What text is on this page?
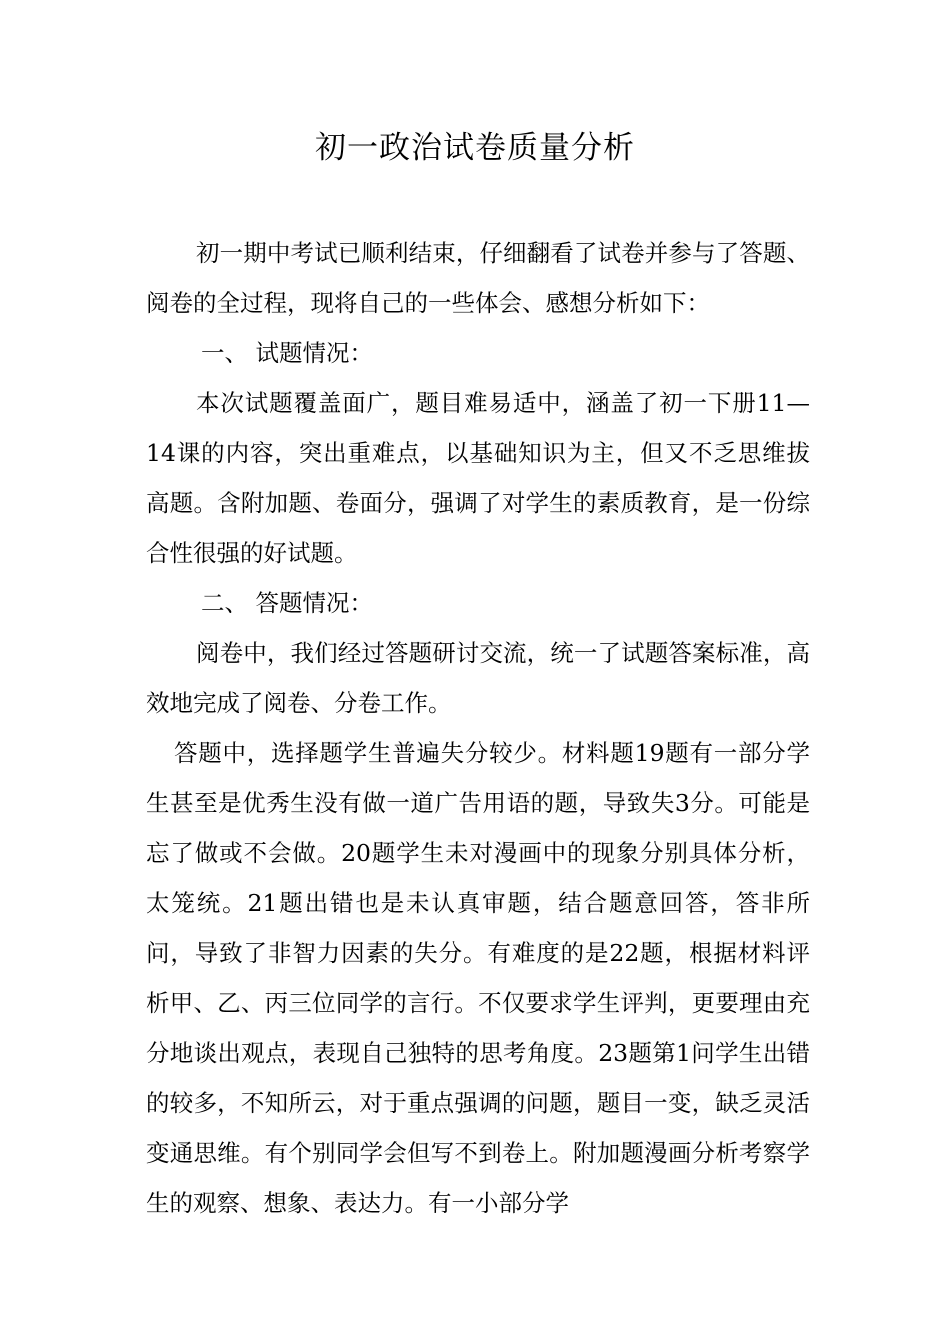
初一政治试卷质量分析

初一期中考试已顺利结束，仔细翻看了试卷并参与了答题、阅卷的全过程，现将自己的一些体会、感想分析如下：

一、 试题情况：

本次试题覆盖面广，题目难易适中，涵盖了初一下册11—14课的内容，突出重难点，以基础知识为主，但又不乏思维拔高题。含附加题、卷面分，强调了对学生的素质教育，是一份综合性很强的好试题。

二、 答题情况：

阅卷中，我们经过答题研讨交流，统一了试题答案标准，高效地完成了阅卷、分卷工作。

答题中，选择题学生普遍失分较少。材料题19题有一部分学生甚至是优秀生没有做一道广告用语的题，导致失3分。可能是忘了做或不会做。20题学生未对漫画中的现象分别具体分析，太笼统。21题出错也是未认真审题，结合题意回答，答非所问，导致了非智力因素的失分。有难度的是22题，根据材料评析甲、乙、丙三位同学的言行。不仅要求学生评判，更要理由充分地谈出观点，表现自己独特的思考角度。23题第1问学生出错的较多，不知所云，对于重点强调的问题，题目一变，缺乏灵活变通思维。有个别同学会但写不到卷上。附加题漫画分析考察学生的观察、想象、表达力。有一小部分学
